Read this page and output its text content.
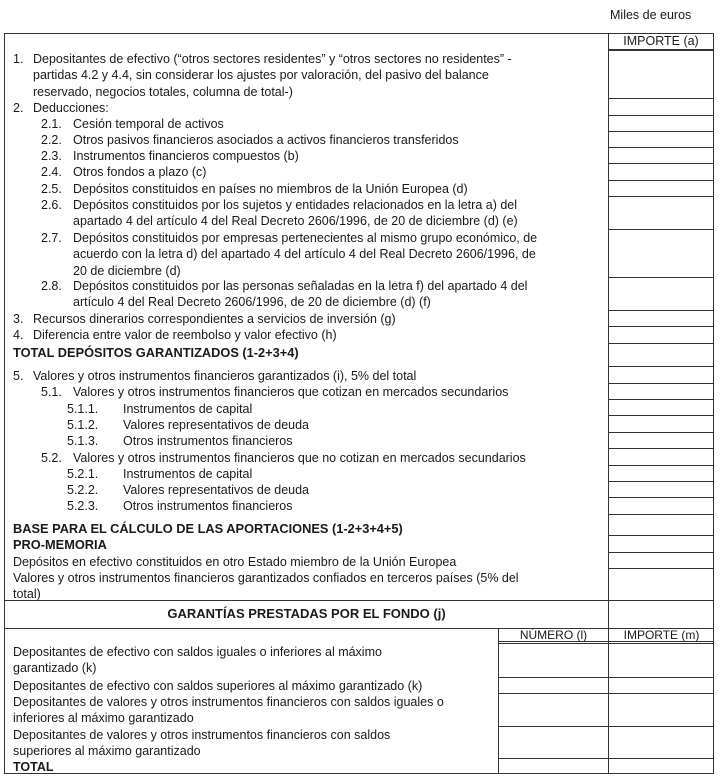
Miles de euros
IMPORTE (a)
1. Depositantes de efectivo (“otros sectores residentes” y “otros sectores no residentes” -
partidas 4.2 y 4.4, sin considerar los ajustes por valoración, del pasivo del balance
reservado, negocios totales, columna de total-)
2. Deducciones:
2.1. Cesión temporal de activos
2.2. Otros pasivos financieros asociados a activos financieros transferidos
2.3. Instrumentos financieros compuestos (b)
2.4. Otros fondos a plazo (c)
2.5. Depósitos constituidos en países no miembros de la Unión Europea (d)
2.6. Depósitos constituidos por los sujetos y entidades relacionados en la letra a) del
apartado 4 del artículo 4 del Real Decreto 2606/1996, de 20 de diciembre (d) (e)
2.7. Depósitos constituidos por empresas pertenecientes al mismo grupo económico, de
acuerdo con la letra d) del apartado 4 del artículo 4 del Real Decreto 2606/1996, de
20 de diciembre (d)
2.8. Depósitos constituidos por las personas señaladas en la letra f) del apartado 4 del
artículo 4 del Real Decreto 2606/1996, de 20 de diciembre (d) (f)
3. Recursos dinerarios correspondientes a servicios de inversión (g)
4. Diferencia entre valor de reembolso y valor efectivo (h)
TOTAL DEPÓSITOS GARANTIZADOS (1-2+3+4)
5. Valores y otros instrumentos financieros garantizados (i), 5% del total
5.1. Valores y otros instrumentos financieros que cotizan en mercados secundarios
5.1.1. Instrumentos de capital
5.1.2. Valores representativos de deuda
5.1.3. Otros instrumentos financieros
5.2. Valores y otros instrumentos financieros que no cotizan en mercados secundarios
5.2.1. Instrumentos de capital
5.2.2. Valores representativos de deuda
5.2.3. Otros instrumentos financieros
BASE PARA EL CÁLCULO DE LAS APORTACIONES (1-2+3+4+5)
PRO-MEMORIA
Depósitos en efectivo constituidos en otro Estado miembro de la Unión Europea
Valores y otros instrumentos financieros garantizados confiados en terceros países (5% del
total)
GARANTÍAS PRESTADAS POR EL FONDO (j)
NÚMERO (l)	IMPORTE (m)
Depositantes de efectivo con saldos iguales o inferiores al máximo
garantizado (k)
Depositantes de efectivo con saldos superiores al máximo garantizado (k)
Depositantes de valores y otros instrumentos financieros con saldos iguales o
inferiores al máximo garantizado
Depositantes de valores y otros instrumentos financieros con saldos
superiores al máximo garantizado
TOTAL
